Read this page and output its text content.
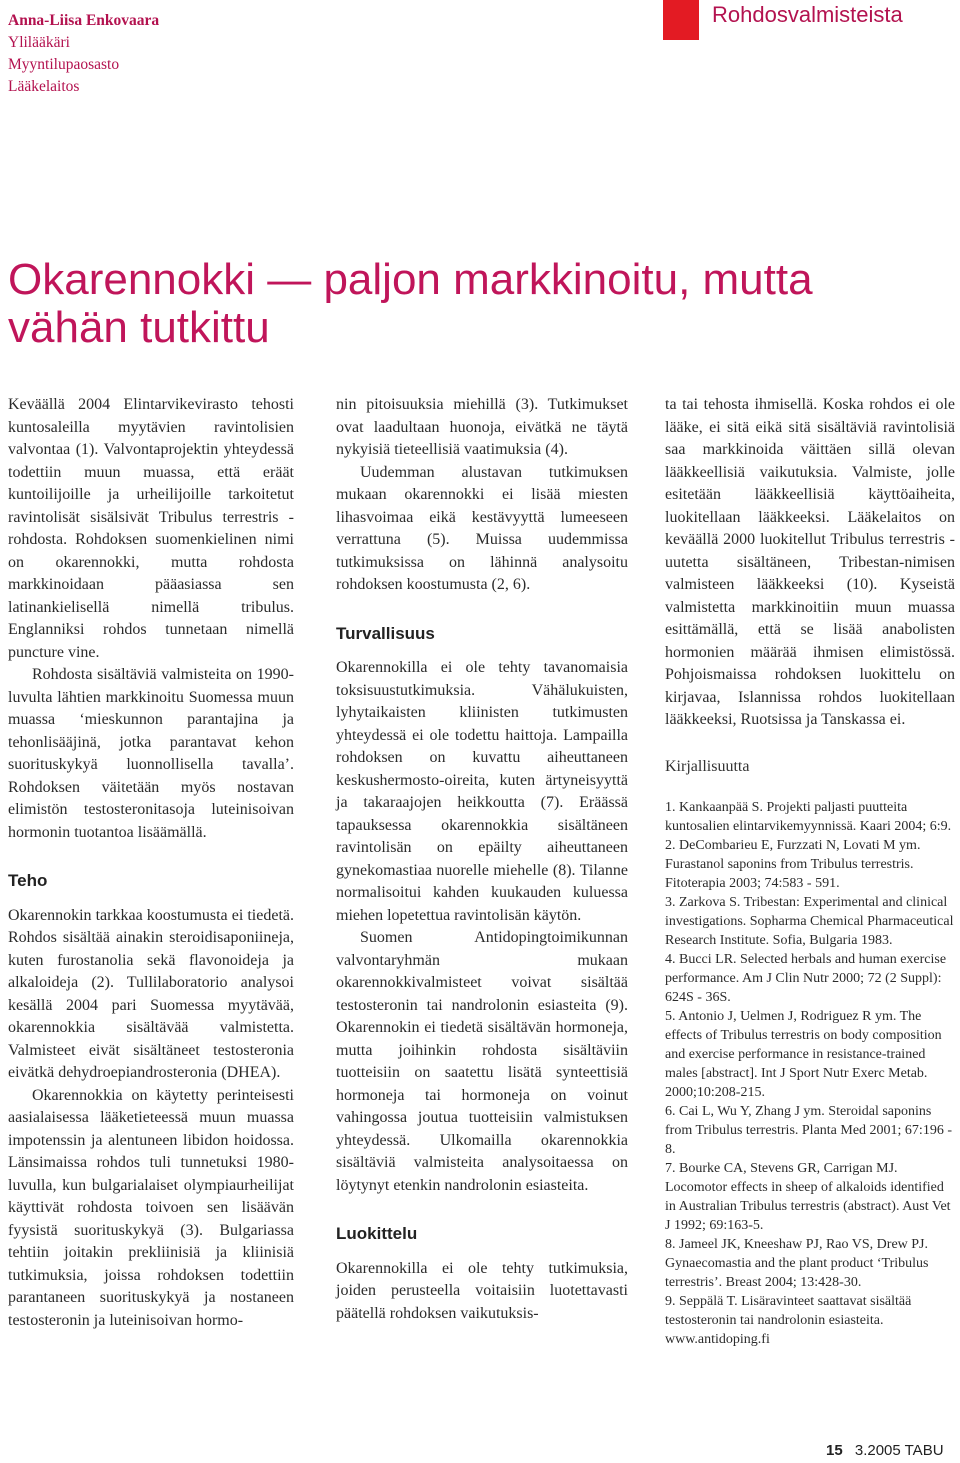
Anna-Liisa Enkovaara
Ylilääkäri
Myyntilupaosasto
Lääkelaitos
Rohdosvalmisteista
Okarennokki — paljon markkinoitu, mutta
vähän tutkittu

Keväällä 2004 Elintarvikevirasto tehosti kuntosaleilla myytävien ravintolisien valvontaa (1). Valvontaprojektin yhteydessä todettiin muun muassa, että eräät kuntoilijoille ja urheilijoille tarkoitetut ravintolisät sisälsivät Tribulus terrestris -rohdosta. Rohdoksen suomenkielinen nimi on okarennokki, mutta rohdosta markkinoidaan pääasiassa sen latinankielisellä nimellä tribulus. Englanniksi rohdos tunnetaan nimellä puncture vine.

Rohdosta sisältäviä valmisteita on 1990-luvulta lähtien markkinoitu Suomessa muun muassa ‘mieskunnon parantajina ja tehonlisääjinä, jotka parantavat kehon suorituskykyä luonnollisella tavalla’. Rohdoksen väitetään myös nostavan elimistön testosteronitasoja luteinisoivan hormonin tuotantoa lisäämällä.

Teho

Okarennokin tarkkaa koostumusta ei tiedetä. Rohdos sisältää ainakin steroidisaponiineja, kuten furostanolia sekä flavonoideja ja alkaloideja (2). Tullilaboratorio analysoi kesällä 2004 pari Suomessa myytävää, okarennokkia sisältävää valmistetta. Valmisteet eivät sisältäneet testosteronia eivätkä dehydroepiandrosteronia (DHEA).

Okarennokkia on käytetty perinteisesti aasialaisessa lääketieteessä muun muassa impotenssin ja alentuneen libidon hoidossa. Länsimaissa rohdos tuli tunnetuksi 1980-luvulla, kun bulgarialaiset olympiaurheilijat käyttivät rohdosta toivoen sen lisäävän fyysistä suorituskykyä (3). Bulgariassa tehtiin joitakin prekliinisiä ja kliinisiä tutkimuksia, joissa rohdoksen todettiin parantaneen suorituskykyä ja nostaneen testosteronin ja luteinisoivan hormo-

nin pitoisuuksia miehillä (3). Tutkimukset ovat laadultaan huonoja, eivätkä ne täytä nykyisiä tieteellisiä vaatimuksia (4).

Uudemman alustavan tutkimuksen mukaan okarennokki ei lisää miesten lihasvoimaa eikä kestävyyttä lumeeseen verrattuna (5). Muissa uudemmissa tutkimuksissa on lähinnä analysoitu rohdoksen koostumusta (2, 6).

Turvallisuus

Okarennokilla ei ole tehty tavanomaisia toksisuustutkimuksia. Vähälukuisten, lyhytaikaisten kliinisten tutkimusten yhteydessä ei ole todettu haittoja. Lampailla rohdoksen on kuvattu aiheuttaneen keskushermosto-oireita, kuten ärtyneisyyttä ja takaraajojen heikkoutta (7). Eräässä tapauksessa okarennokkia sisältäneen ravintolisän on epäilty aiheuttaneen gynekomastiaa nuorelle miehelle (8). Tilanne normalisoitui kahden kuukauden kuluessa miehen lopetettua ravintolisän käytön.

Suomen Antidopingtoimikunnan valvontaryhmän mukaan okarennokkivalmisteet voivat sisältää testosteronin tai nandrolonin esiasteita (9). Okarennokin ei tiedetä sisältävän hormoneja, mutta joihinkin rohdosta sisältäviin tuotteisiin on saatettu lisätä synteettisiä hormoneja tai hormoneja on voinut vahingossa joutua tuotteisiin valmistuksen yhteydessä. Ulkomailla okarennokkia sisältäviä valmisteita analysoitaessa on löytynyt etenkin nandrolonin esiasteita.

Luokittelu

Okarennokilla ei ole tehty tutkimuksia, joiden perusteella voitaisiin luotettavasti päätellä rohdoksen vaikutuksis-

ta tai tehosta ihmisellä. Koska rohdos ei ole lääke, ei sitä eikä sitä sisältäviä ravintolisiä saa markkinoida väittäen sillä olevan lääkkeellisiä vaikutuksia. Valmiste, jolle esitetään lääkkeellisiä käyttöaiheita, luokitellaan lääkkeeksi. Lääkelaitos on keväällä 2000 luokitellut Tribulus terrestris -uutetta sisältäneen, Tribestan-nimisen valmisteen lääkkeeksi (10). Kyseistä valmistetta markkinoitiin muun muassa esittämällä, että se lisää anabolisten hormonien määrää ihmisen elimistössä. Pohjoismaissa rohdoksen luokittelu on kirjavaa, Islannissa rohdos luokitellaan lääkkeeksi, Ruotsissa ja Tanskassa ei.

Kirjallisuutta

1. Kankaanpää S. Projekti paljasti puutteita kuntosalien elintarvikemyynnissä. Kaari 2004; 6:9.

2. DeCombarieu E, Furzzati N, Lovati M ym. Furastanol saponins from Tribulus terrestris. Fitoterapia 2003; 74:583 - 591.

3. Zarkova S. Tribestan: Experimental and clinical investigations. Sopharma Chemical Pharmaceutical Research Institute. Sofia, Bulgaria 1983.

4. Bucci LR. Selected herbals and human exercise performance. Am J Clin Nutr 2000; 72 (2 Suppl): 624S - 36S.

5. Antonio J, Uelmen J, Rodriguez R ym. The effects of Tribulus terrestris on body composition and exercise performance in resistance-trained males [abstract]. Int J Sport Nutr Exerc Metab. 2000;10:208-215.

6. Cai L, Wu Y, Zhang J ym. Steroidal saponins from Tribulus terrestris. Planta Med 2001; 67:196 - 8.

7. Bourke CA, Stevens GR, Carrigan MJ. Locomotor effects in sheep of alkaloids identified in Australian Tribulus terrestris (abstract). Aust Vet J 1992; 69:163-5.

8. Jameel JK, Kneeshaw PJ, Rao VS, Drew PJ. Gynaecomastia and the plant product ‘Tribulus terrestris’. Breast 2004; 13:428-30.

9. Seppälä T. Lisäravinteet saattavat sisältää testosteronin tai nandrolonin esiasteita. www.antidoping.fi

15 3.2005 TABU
